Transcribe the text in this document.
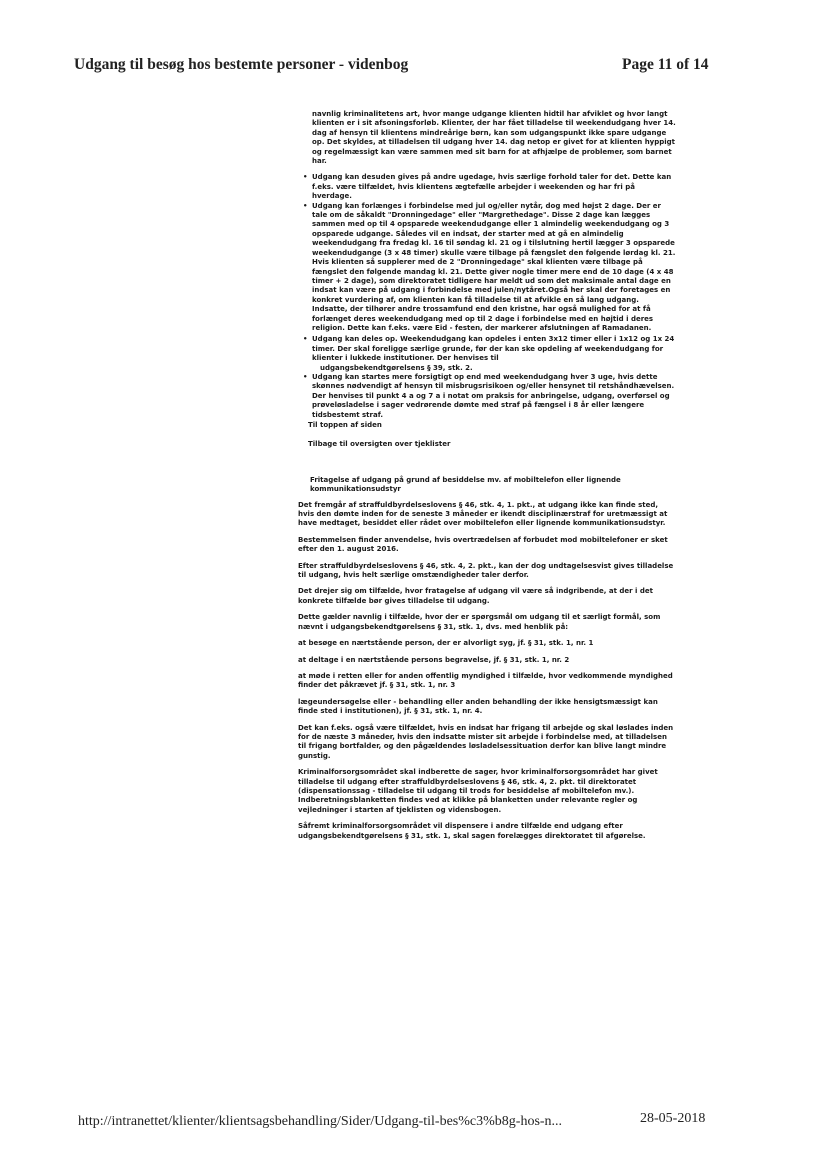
Udgang til besøg hos bestemte personer - videnbog	Page 11 of 14

navnlig kriminalitetens art, hvor mange udgange klienten hidtil har afviklet og hvor langt klienten er i sit afsoningsforløb. Klienter, der har fået tilladelse til weekendudgang hver 14. dag af hensyn til klientens mindreårige børn, kan som udgangspunkt ikke spare udgange op. Det skyldes, at tilladelsen til udgang hver 14. dag netop er givet for at klienten hyppigt og regelmæssigt kan være sammen med sit barn for at afhjælpe de problemer, som barnet har.

• Udgang kan desuden gives på andre ugedage, hvis særlige forhold taler for det. Dette kan f.eks. være tilfældet, hvis klientens ægtefælle arbejder i weekenden og har fri på hverdage.
• Udgang kan forlænges i forbindelse med jul og/eller nytår, dog med højst 2 dage. Der er tale om de såkaldt "Dronningedage" eller "Margrethedage". Disse 2 dage kan lægges sammen med op til 4 opsparede weekendudgange eller 1 almindelig weekendudgang og 3 opsparede udgange. Således vil en indsat, der starter med at gå en almindelig weekendudgang fra fredag kl. 16 til søndag kl. 21 og i tilslutning hertil lægger 3 opsparede weekendudgange (3 x 48 timer) skulle være tilbage på fængslet den følgende lørdag kl. 21. Hvis klienten så supplerer med de 2 "Dronningedage" skal klienten være tilbage på fængslet den følgende mandag kl. 21. Dette giver nogle timer mere end de 10 dage (4 x 48 timer + 2 dage), som direktoratet tidligere har meldt ud som det maksimale antal dage en indsat kan være på udgang i forbindelse med julen/nytåret.Også her skal der foretages en konkret vurdering af, om klienten kan få tilladelse til at afvikle en så lang udgang.
Indsatte, der tilhører andre trossamfund end den kristne, har også mulighed for at få forlænget deres weekendudgang med op til 2 dage i forbindelse med en højtid i deres religion. Dette kan f.eks. være Eid - festen, der markerer afslutningen af Ramadanen.
• Udgang kan deles op. Weekendudgang kan opdeles i enten 3x12 timer eller i 1x12 og 1x 24 timer. Der skal foreligge særlige grunde, før der kan ske opdeling af weekendudgang for klienter i lukkede institutioner. Der henvises til
udgangsbekendtgørelsens § 39, stk. 2.
• Udgang kan startes mere forsigtigt op end med weekendudgang hver 3 uge, hvis dette skønnes nødvendigt af hensyn til misbrugsrisikoen og/eller hensynet til retshåndhævelsen. Der henvises til punkt 4 a og 7 a i notat om praksis for anbringelse, udgang, overførsel og prøveløsladelse i sager vedrørende dømte med straf på fængsel i 8 år eller længere tidsbestemt straf.
Til toppen af siden
Tilbage til oversigten over tjeklister
Fritagelse af udgang på grund af besiddelse mv. af mobiltelefon eller lignende kommunikationsudstyr

Det fremgår af straffuldbyrdelseslovens § 46, stk. 4, 1. pkt., at udgang ikke kan finde sted, hvis den dømte inden for de seneste 3 måneder er ikendt disciplinærstraf for uretmæssigt at have medtaget, besiddet eller rådet over mobiltelefon eller lignende kommunikationsudstyr.

Bestemmelsen finder anvendelse, hvis overtrædelsen af forbudet mod mobiltelefoner er sket efter den 1. august 2016.

Efter straffuldbyrdelseslovens § 46, stk. 4, 2. pkt., kan der dog undtagelsesvist gives tilladelse til udgang, hvis helt særlige omstændigheder taler derfor.

Det drejer sig om tilfælde, hvor fratagelse af udgang vil være så indgribende, at der i det konkrete tilfælde bør gives tilladelse til udgang.

Dette gælder navnlig i tilfælde, hvor der er spørgsmål om udgang til et særligt formål, som nævnt i udgangsbekendtgørelsens § 31, stk. 1, dvs. med henblik på:

at besøge en nærtstående person, der er alvorligt syg, jf. § 31, stk. 1, nr. 1

at deltage i en nærtstående persons begravelse, jf. § 31, stk. 1, nr. 2

at møde i retten eller for anden offentlig myndighed i tilfælde, hvor vedkommende myndighed finder det påkrævet jf. § 31, stk. 1, nr. 3

lægeundersøgelse eller - behandling eller anden behandling der ikke hensigtsmæssigt kan finde sted i institutionen), jf. § 31, stk. 1, nr. 4.

Det kan f.eks. også være tilfældet, hvis en indsat har frigang til arbejde og skal løslades inden for de næste 3 måneder, hvis den indsatte mister sit arbejde i forbindelse med, at tilladelsen til frigang bortfalder, og den pågældendes løsladelsessituation derfor kan blive langt mindre gunstig.

Kriminalforsorgsområdet skal indberette de sager, hvor kriminalforsorgsområdet har givet tilladelse til udgang efter straffuldbyrdelseslovens § 46, stk. 4, 2. pkt. til direktoratet (dispensationssag - tilladelse til udgang til trods for besiddelse af mobiltelefon mv.). Indberetningsblanketten findes ved at klikke på blanketten under relevante regler og vejledninger i starten af tjeklisten og vidensbogen.

Såfremt kriminalforsorgsområdet vil dispensere i andre tilfælde end udgang efter udgangsbekendtgørelsens § 31, stk. 1, skal sagen forelægges direktoratet til afgørelse.

http://intranettet/klienter/klientsagsbehandling/Sider/Udgang-til-bes%c3%b8g-hos-n...	28-05-2018
